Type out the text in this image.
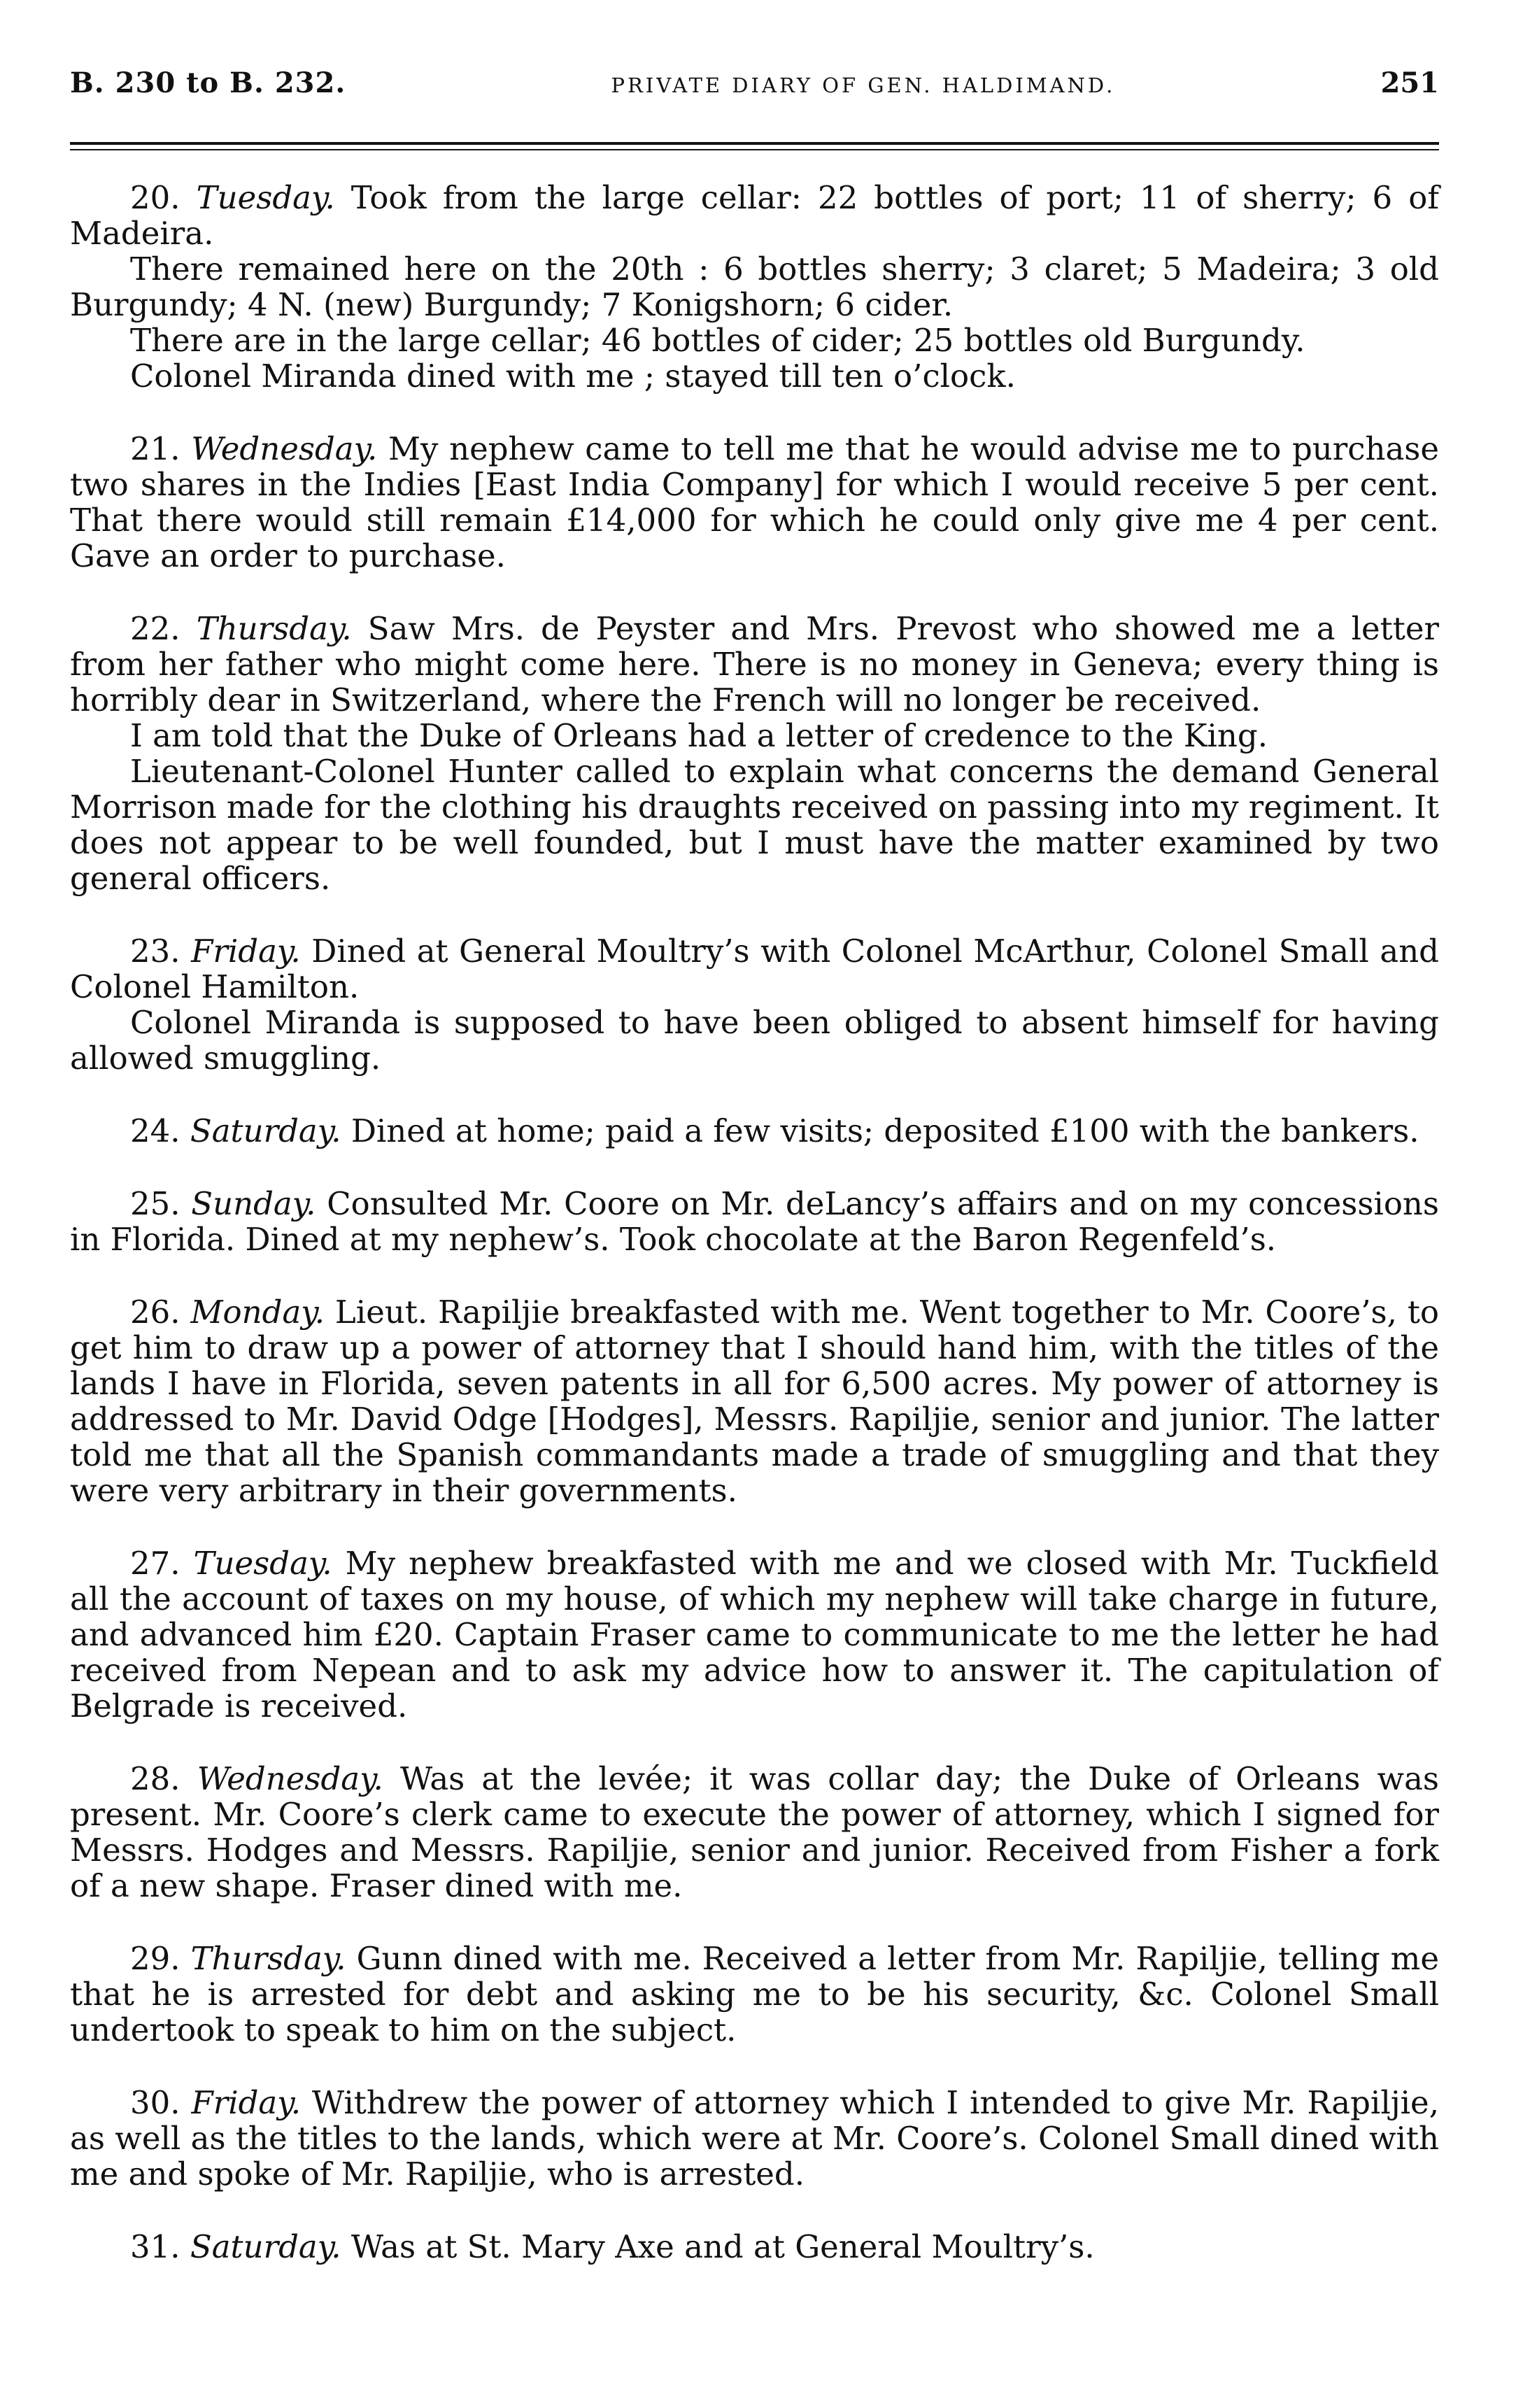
B. 230 to B. 232.	PRIVATE DIARY OF GEN. HALDIMAND.	251

20. Tuesday. Took from the large cellar: 22 bottles of port; 11 of sherry; 6 of Madeira.

There remained here on the 20th : 6 bottles sherry; 3 claret; 5 Madeira; 3 old Burgundy; 4 N. (new) Burgundy; 7 Konigshorn; 6 cider.

There are in the large cellar; 46 bottles of cider; 25 bottles old Burgundy.

Colonel Miranda dined with me ; stayed till ten o’clock.

21. Wednesday. My nephew came to tell me that he would advise me to purchase two shares in the Indies [East India Company] for which I would receive 5 per cent. That there would still remain £14,000 for which he could only give me 4 per cent. Gave an order to purchase.

22. Thursday. Saw Mrs. de Peyster and Mrs. Prevost who showed me a letter from her father who might come here. There is no money in Geneva; every thing is horribly dear in Switzerland, where the French will no longer be received.

I am told that the Duke of Orleans had a letter of credence to the King.

Lieutenant-Colonel Hunter called to explain what concerns the demand General Morrison made for the clothing his draughts received on passing into my regiment. It does not appear to be well founded, but I must have the matter examined by two general officers.

23. Friday. Dined at General Moultry’s with Colonel McArthur, Colonel Small and Colonel Hamilton.

Colonel Miranda is supposed to have been obliged to absent himself for having allowed smuggling.

24. Saturday. Dined at home; paid a few visits; deposited £100 with the bankers.

25. Sunday. Consulted Mr. Coore on Mr. deLancy’s affairs and on my concessions in Florida. Dined at my nephew’s. Took chocolate at the Baron Regenfeld’s.

26. Monday. Lieut. Rapiljie breakfasted with me. Went together to Mr. Coore’s, to get him to draw up a power of attorney that I should hand him, with the titles of the lands I have in Florida, seven patents in all for 6,500 acres. My power of attorney is addressed to Mr. David Odge [Hodges], Messrs. Rapiljie, senior and junior. The latter told me that all the Spanish commandants made a trade of smuggling and that they were very arbitrary in their governments.

27. Tuesday. My nephew breakfasted with me and we closed with Mr. Tuckfield all the account of taxes on my house, of which my nephew will take charge in future, and advanced him £20. Captain Fraser came to communicate to me the letter he had received from Nepean and to ask my advice how to answer it. The capitulation of Belgrade is received.

28. Wednesday. Was at the levée; it was collar day; the Duke of Orleans was present. Mr. Coore’s clerk came to execute the power of attorney, which I signed for Messrs. Hodges and Messrs. Rapiljie, senior and junior. Received from Fisher a fork of a new shape. Fraser dined with me.

29. Thursday. Gunn dined with me. Received a letter from Mr. Rapiljie, telling me that he is arrested for debt and asking me to be his security, &c. Colonel Small undertook to speak to him on the subject.

30. Friday. Withdrew the power of attorney which I intended to give Mr. Rapiljie, as well as the titles to the lands, which were at Mr. Coore’s. Colonel Small dined with me and spoke of Mr. Rapiljie, who is arrested.

31. Saturday. Was at St. Mary Axe and at General Moultry’s.
